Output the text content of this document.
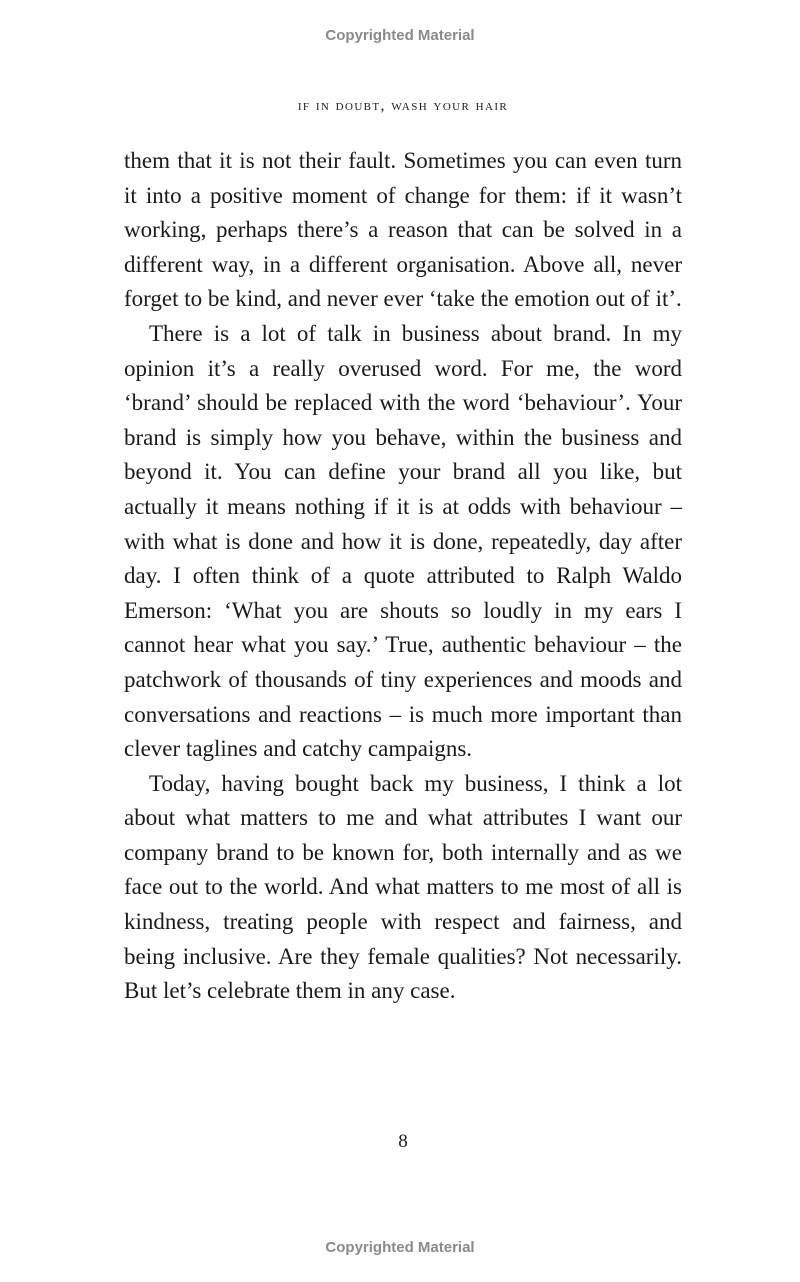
Copyrighted Material
if in doubt, wash your hair

them that it is not their fault. Sometimes you can even turn it into a positive moment of change for them: if it wasn’t working, perhaps there’s a reason that can be solved in a different way, in a different organisation. Above all, never forget to be kind, and never ever ‘take the emotion out of it’.

There is a lot of talk in business about brand. In my opinion it’s a really overused word. For me, the word ‘brand’ should be replaced with the word ‘behaviour’. Your brand is simply how you behave, within the business and beyond it. You can define your brand all you like, but actually it means nothing if it is at odds with behaviour – with what is done and how it is done, repeatedly, day after day. I often think of a quote attributed to Ralph Waldo Emerson: ‘What you are shouts so loudly in my ears I cannot hear what you say.’ True, authentic behaviour – the patchwork of thousands of tiny experiences and moods and conversations and reactions – is much more important than clever taglines and catchy campaigns.

Today, having bought back my business, I think a lot about what matters to me and what attributes I want our company brand to be known for, both internally and as we face out to the world. And what matters to me most of all is kindness, treating people with respect and fairness, and being inclusive. Are they female qualities? Not necessarily. But let’s celebrate them in any case.

8
Copyrighted Material
